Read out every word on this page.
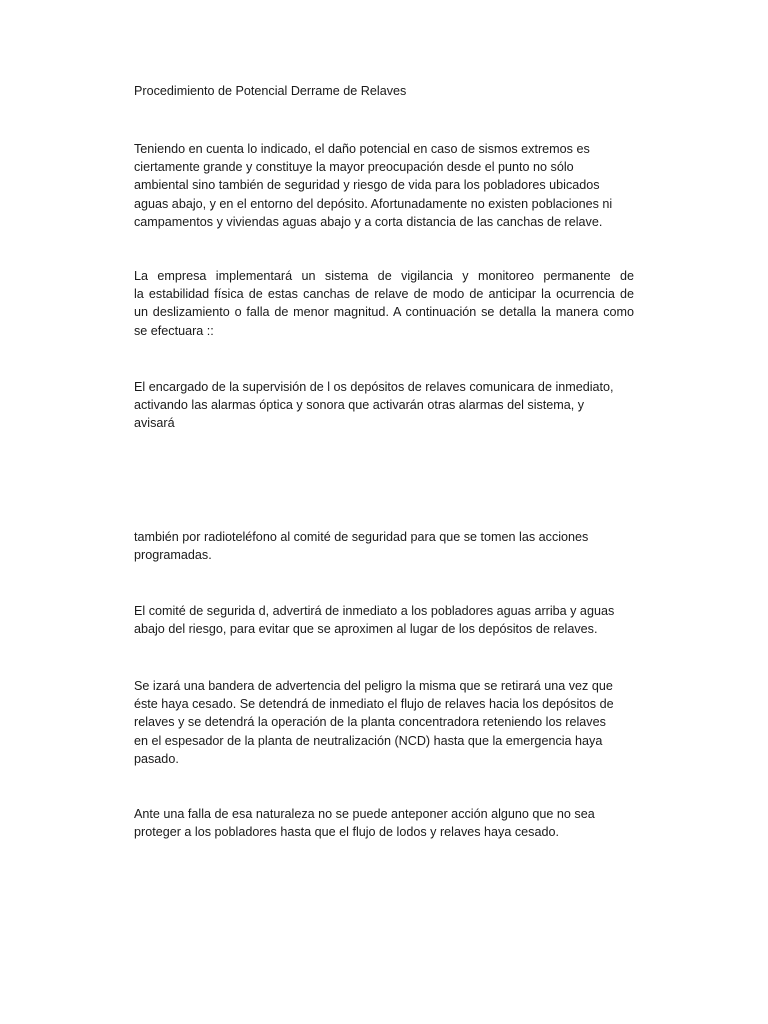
Procedimiento de Potencial Derrame de Relaves

Teniendo en cuenta lo indicado, el daño potencial en caso de sismos extremos es
ciertamente grande y constituye la mayor preocupación desde el punto no sólo
ambiental sino también de seguridad y riesgo de vida para los pobladores ubicados
aguas abajo, y en el entorno del depósito. Afortunadamente no existen poblaciones ni
campamentos y viviendas aguas abajo y a corta distancia de las canchas de relave.

La empresa implementará un sistema de vigilancia y monitoreo permanente de
la estabilidad física de estas canchas de relave de modo de anticipar la ocurrencia de
un deslizamiento o falla de menor magnitud. A continuación se detalla la manera como
se efectuara ::

El encargado de la supervisión de l os depósitos de relaves comunicara de inmediato,
activando las alarmas óptica y sonora que activarán otras alarmas del sistema, y
avisará

también por radioteléfono al comité de seguridad para que se tomen las acciones
programadas.

El comité de segurida d, advertirá de inmediato a los pobladores aguas arriba y aguas
abajo del riesgo, para evitar que se aproximen al lugar de los depósitos de relaves.

Se izará una bandera de advertencia del peligro la misma que se retirará una vez que
éste haya cesado. Se detendrá de inmediato el flujo de relaves hacia los depósitos de
relaves y se detendrá la operación de la planta concentradora reteniendo los relaves
en el espesador de la planta de neutralización (NCD) hasta que la emergencia haya
pasado.

Ante una falla de esa naturaleza no se puede anteponer acción alguno que no sea
proteger a los pobladores hasta que el flujo de lodos y relaves haya cesado.
